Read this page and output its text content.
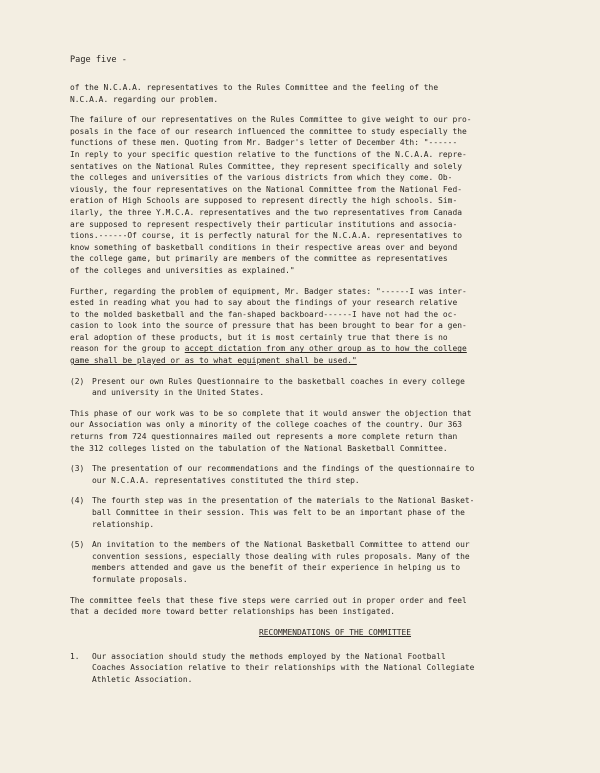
Page five -

of the N.C.A.A. representatives to the Rules Committee and the feeling of the
N.C.A.A. regarding our problem.

The failure of our representatives on the Rules Committee to give weight to our pro-
posals in the face of our research influenced the committee to study especially the
functions of these men. Quoting from Mr. Badger's letter of December 4th: "------
In reply to your specific question relative to the functions of the N.C.A.A. repre-
sentatives on the National Rules Committee, they represent specifically and solely
the colleges and universities of the various districts from which they come. Ob-
viously, the four representatives on the National Committee from the National Fed-
eration of High Schools are supposed to represent directly the high schools. Sim-
ilarly, the three Y.M.C.A. representatives and the two representatives from Canada
are supposed to represent respectively their particular institutions and associa-
tions.------Of course, it is perfectly natural for the N.C.A.A. representatives to
know something of basketball conditions in their respective areas over and beyond
the college game, but primarily are members of the committee as representatives
of the colleges and universities as explained."

Further, regarding the problem of equipment, Mr. Badger states: "------I was inter-
ested in reading what you had to say about the findings of your research relative
to the molded basketball and the fan-shaped backboard------I have not had the oc-
casion to look into the source of pressure that has been brought to bear for a gen-
eral adoption of these products, but it is most certainly true that there is no
reason for the group to accept dictation from any other group as to how the college
game shall be played or as to what equipment shall be used."

(2) Present our own Rules Questionnaire to the basketball coaches in every college
and university in the United States.

This phase of our work was to be so complete that it would answer the objection that
our Association was only a minority of the college coaches of the country. Our 363
returns from 724 questionnaires mailed out represents a more complete return than
the 312 colleges listed on the tabulation of the National Basketball Committee.

(3) The presentation of our recommendations and the findings of the questionnaire to
our N.C.A.A. representatives constituted the third step.
(4) The fourth step was in the presentation of the materials to the National Basket-
ball Committee in their session. This was felt to be an important phase of the
relationship.
(5) An invitation to the members of the National Basketball Committee to attend our
convention sessions, especially those dealing with rules proposals. Many of the
members attended and gave us the benefit of their experience in helping us to
formulate proposals.

The committee feels that these five steps were carried out in proper order and feel
that a decided more toward better relationships has been instigated.

RECOMMENDATIONS OF THE COMMITTEE
1.	Our association should study the methods employed by the National Football
Coaches Association relative to their relationships with the National Collegiate
Athletic Association.
